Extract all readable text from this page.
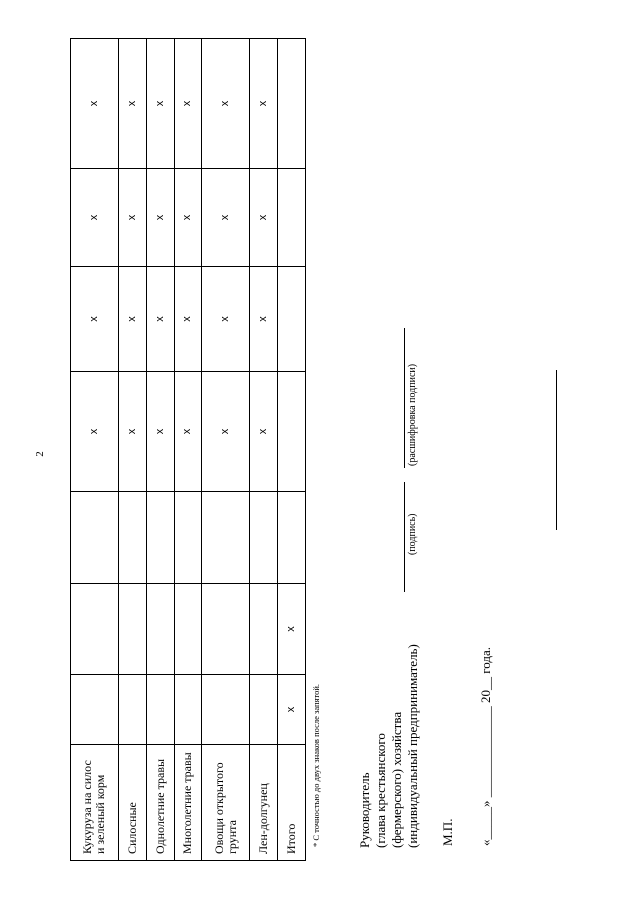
2
Кукуруза на силос и зеленый корм				х	х	х	х
Силосные				х	х	х	х
Однолетние травы				х	х	х	х
Многолетние травы				х	х	х	х
Овощи открытого грунта				х	х	х	х
Лен-долгунец				х	х	х	х
Итого	х	х					
* С точностью до двух знаков после запятой.	Руководитель (глава крестьянского (фермерского) хозяйства (индивидуальный предприниматель)
(подпись)
(расшифровка подписи)
М.П. «_____» ______________ 20__ года.
